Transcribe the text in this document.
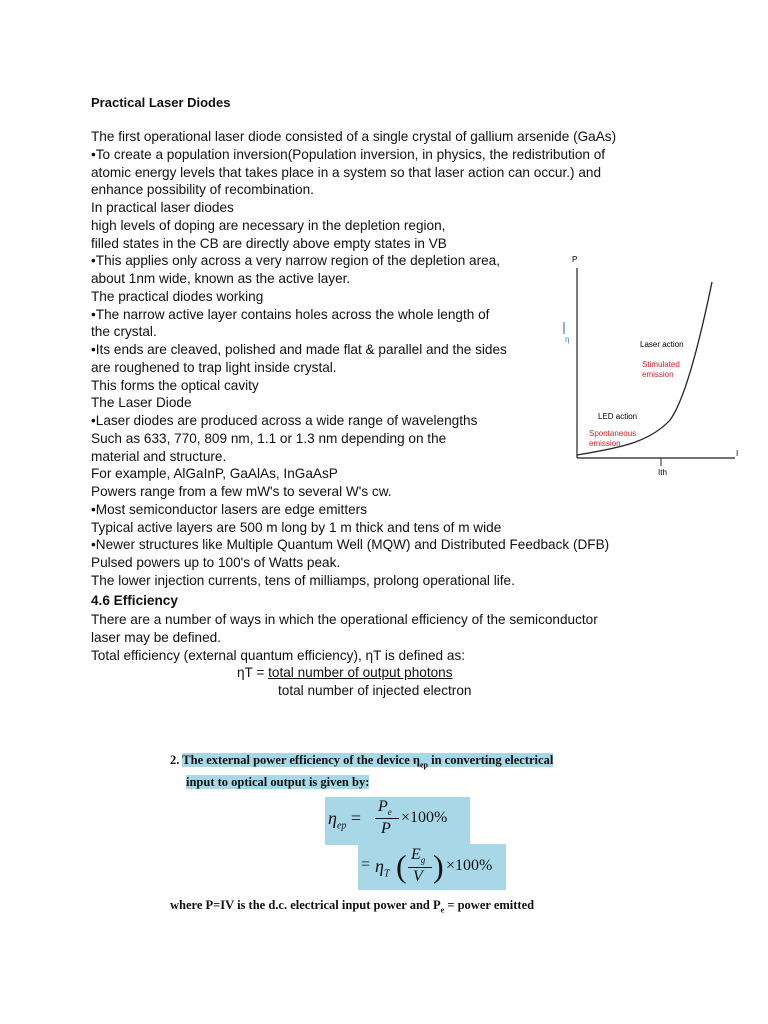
Practical Laser Diodes
The first operational laser diode consisted of a single crystal of gallium arsenide (GaAs)
•To create a population inversion(Population inversion, in physics, the redistribution of
atomic energy levels that takes place in a system so that laser action can occur.) and
enhance possibility of recombination.
In practical laser diodes
high levels of doping are necessary in the depletion region,
filled states in the CB are directly above empty states in VB
•This applies only across a very narrow region of the depletion area,
about 1nm wide, known as the active layer.
The practical diodes working
•The narrow active layer contains holes across the whole length of
the crystal.
•Its ends are cleaved, polished and made flat & parallel and the sides
are roughened to trap light inside crystal.
This forms the optical cavity
The Laser Diode
•Laser diodes are produced across a wide range of wavelengths
Such as 633, 770, 809 nm, 1.1 or 1.3 nm depending on the
material and structure.
For example, AlGaInP, GaAlAs, InGaAsP
Powers range from a few mW's to several W's cw.
•Most semiconductor lasers are edge emitters
Typical active layers are 500 m long by 1 m thick and tens of m wide
•Newer structures like Multiple Quantum Well (MQW) and Distributed Feedback (DFB)
Pulsed powers up to 100's of Watts peak.
The lower injection currents, tens of milliamps, prolong operational life.
4.6 Efficiency
There are a number of ways in which the operational efficiency of the semiconductor
laser may be defined.
Total efficiency (external quantum efficiency), ηT is defined as:
ηT = total number of output photons
total number of injected electron
P
I
η
Ith
Laser action
Stimulated emission
LED action
Spontaneous emission
2. The external power efficiency of the device $\eta_{ep}$ in converting electrical
input to optical output is given by:
$\eta_{ep}$ =
$P_e$
P
×100%
= $\eta_T$ ( $E_g$
V ) ×100%
where P=IV is the d.c. electrical input power and $P_e$ = power emitted
